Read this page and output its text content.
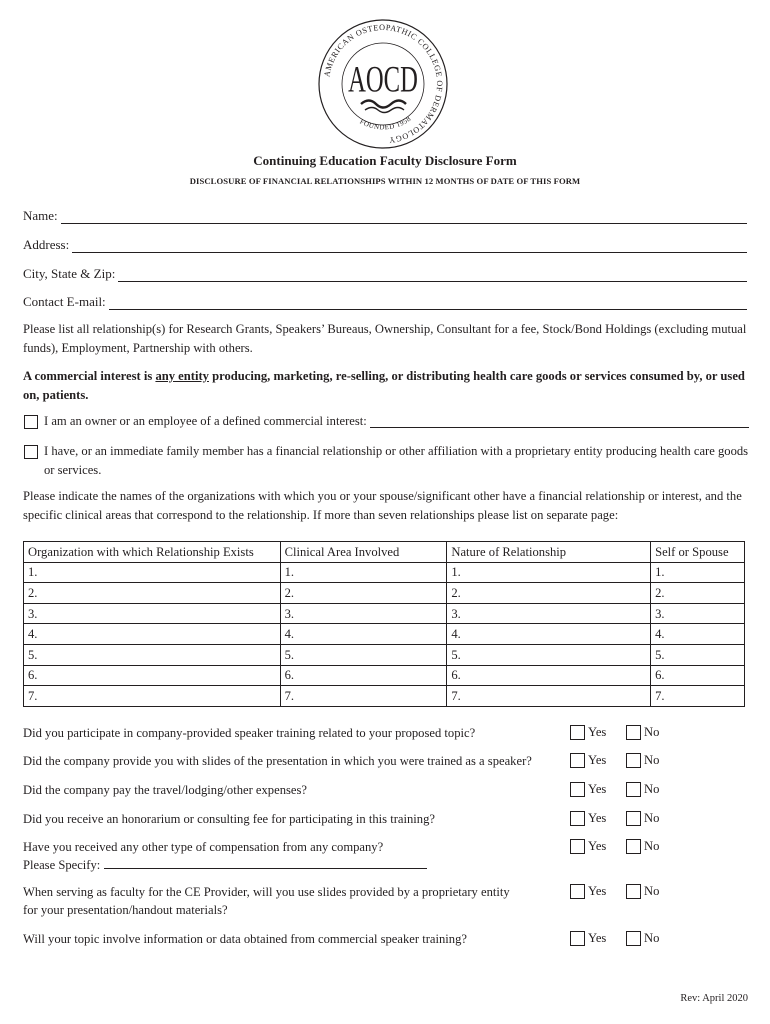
AMERICAN OSTEOPATHIC COLLEGE OF DERMATOLOGY
FOUNDED 1958
AOCD
Continuing Education Faculty Disclosure Form
DISCLOSURE OF FINANCIAL RELATIONSHIPS WITHIN 12 MONTHS OF DATE OF THIS FORM
Name:
Address:
City, State & Zip:
Contact E-mail:
Please list all relationship(s) for Research Grants, Speakers’ Bureaus, Ownership, Consultant for a fee, Stock/Bond Holdings (excluding mutual funds), Employment, Partnership with others.
A commercial interest is any entity producing, marketing, re-selling, or distributing health care goods or services consumed by, or used on, patients.
I am an owner or an employee of a defined commercial interest:
I have, or an immediate family member has a financial relationship or other affiliation with a proprietary entity producing health care goods or services.
Please indicate the names of the organizations with which you or your spouse/significant other have a financial relationship or interest, and the specific clinical areas that correspond to the relationship. If more than seven relationships please list on separate page:
Organization with which Relationship Exists	Clinical Area Involved	Nature of Relationship	Self or Spouse
1.	1.	1.	1.
2.	2.	2.	2.
3.	3.	3.	3.
4.	4.	4.	4.
5.	5.	5.	5.
6.	6.	6.	6.
7.	7.	7.	7.
Did you participate in company-provided speaker training related to your proposed topic?	Yes	No
Did the company provide you with slides of the presentation in which you were trained as a speaker?	Yes	No
Did the company pay the travel/lodging/other expenses?	Yes	No
Did you receive an honorarium or consulting fee for participating in this training?	Yes	No
Have you received any other type of compensation from any company?
Please Specify:
Yes	No
When serving as faculty for the CE Provider, will you use slides provided by a proprietary entity for your presentation/handout materials?
Yes	No
Will your topic involve information or data obtained from commercial speaker training?	Yes	No
Rev: April 2020
